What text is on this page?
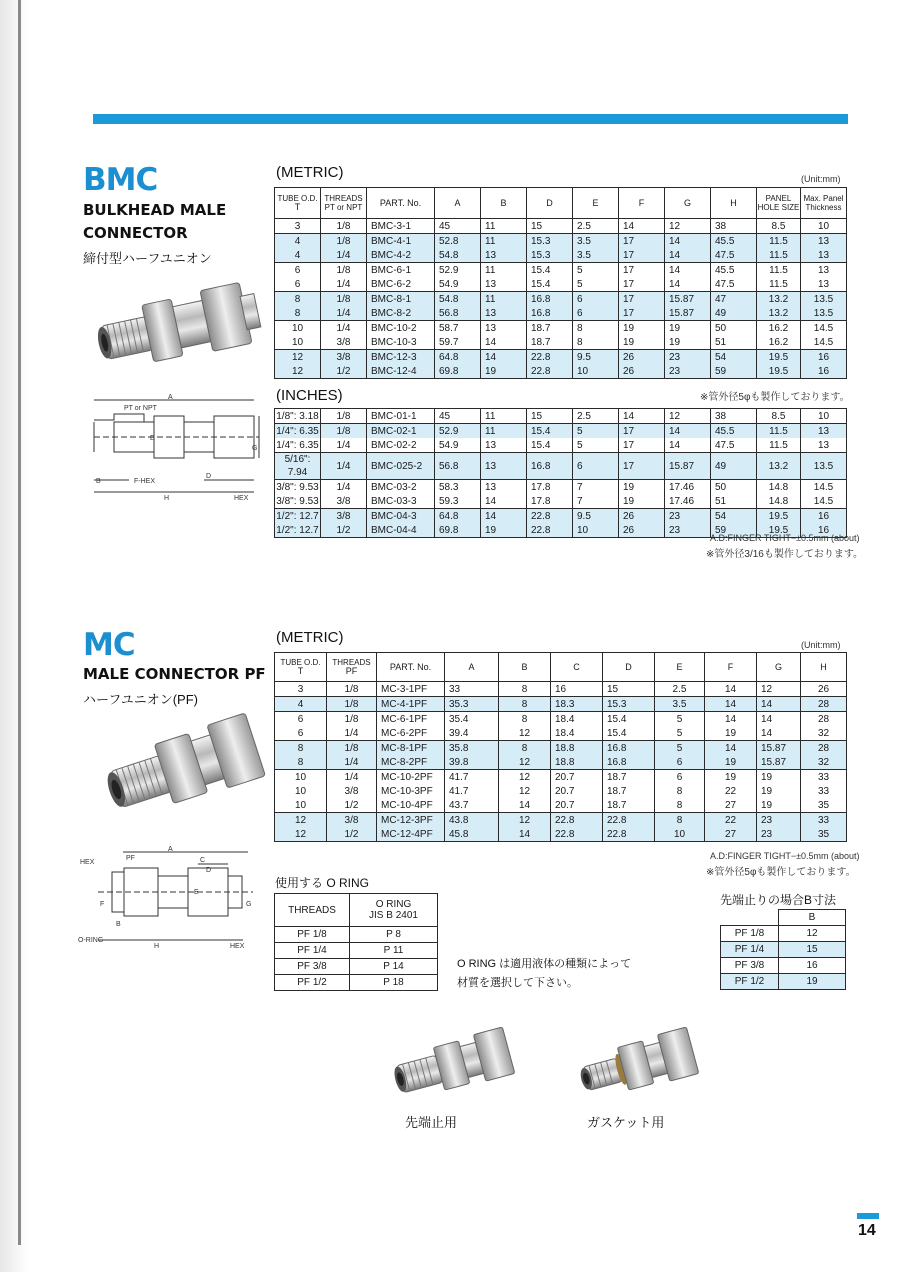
BMC
BULKHEAD MALE
CONNECTOR
締付型ハーフユニオン
A
PT or NPT
G
E
B	F-HEX
D
H	HEX
(METRIC)	(Unit:mm)
TUBE O.D.
T	THREADS
PT or NPT	PART. No.	A	B	D	E	F	G	H	PANEL HOLE SIZE	Max. Panel Thickness
3	1/8	BMC-3-1	45	11	15	2.5	14	12	38	8.5	10
4	1/8	BMC-4-1	52.8	11	15.3	3.5	17	14	45.5	11.5	13
4	1/4	BMC-4-2	54.8	13	15.3	3.5	17	14	47.5	11.5	13
6	1/8	BMC-6-1	52.9	11	15.4	5	17	14	45.5	11.5	13
6	1/4	BMC-6-2	54.9	13	15.4	5	17	14	47.5	11.5	13
8	1/8	BMC-8-1	54.8	11	16.8	6	17	15.87	47	13.2	13.5
8	1/4	BMC-8-2	56.8	13	16.8	6	17	15.87	49	13.2	13.5
10	1/4	BMC-10-2	58.7	13	18.7	8	19	19	50	16.2	14.5
10	3/8	BMC-10-3	59.7	14	18.7	8	19	19	51	16.2	14.5
12	3/8	BMC-12-3	64.8	14	22.8	9.5	26	23	54	19.5	16
12	1/2	BMC-12-4	69.8	19	22.8	10	26	23	59	19.5	16
※管外径5φも製作しております。
(INCHES)
1/8": 3.18	1/8	BMC-01-1	45	11	15	2.5	14	12	38	8.5	10
1/4": 6.35	1/8	BMC-02-1	52.9	11	15.4	5	17	14	45.5	11.5	13
1/4": 6.35	1/4	BMC-02-2	54.9	13	15.4	5	17	14	47.5	11.5	13
5/16": 7.94	1/4	BMC-025-2	56.8	13	16.8	6	17	15.87	49	13.2	13.5
3/8": 9.53	1/4	BMC-03-2	58.3	13	17.8	7	19	17.46	50	14.8	14.5
3/8": 9.53	3/8	BMC-03-3	59.3	14	17.8	7	19	17.46	51	14.8	14.5
1/2": 12.7	3/8	BMC-04-3	64.8	14	22.8	9.5	26	23	54	19.5	16
1/2": 12.7	1/2	BMC-04-4	69.8	19	22.8	10	26	23	59	19.5	16
A.D:FINGER TIGHT−±0.5mm (about)
※管外径3/16も製作しております。
MC
MALE CONNECTOR PF
ハーフユニオン(PF)
HEX
PF
A
C
D
G
F
E
B
O-RING
H	HEX
(METRIC)	(Unit:mm)
TUBE O.D.
T	THREADS
PF	PART. No.	A	B	C	D	E	F	G	H
3	1/8	MC-3-1PF	33	8	16	15	2.5	14	12	26
4	1/8	MC-4-1PF	35.3	8	18.3	15.3	3.5	14	14	28
6	1/8	MC-6-1PF	35.4	8	18.4	15.4	5	14	14	28
6	1/4	MC-6-2PF	39.4	12	18.4	15.4	5	19	14	32
8	1/8	MC-8-1PF	35.8	8	18.8	16.8	5	14	15.87	28
8	1/4	MC-8-2PF	39.8	12	18.8	16.8	6	19	15.87	32
10	1/4	MC-10-2PF	41.7	12	20.7	18.7	6	19	19	33
10	3/8	MC-10-3PF	41.7	12	20.7	18.7	8	22	19	33
10	1/2	MC-10-4PF	43.7	14	20.7	18.7	8	27	19	35
12	3/8	MC-12-3PF	43.8	12	22.8	22.8	8	22	23	33
12	1/2	MC-12-4PF	45.8	14	22.8	22.8	10	27	23	35
A.D:FINGER TIGHT−±0.5mm (about)
※管外径5φも製作しております。
使用する O RING
THREADS	O RING
JIS B 2401
PF 1/8	P 8
PF 1/4	P 11
PF 3/8	P 14
PF 1/2	P 18
O RING は適用液体の種類によって
材質を選択して下さい。
先端止りの場合B寸法
	B
PF 1/8	12
PF 1/4	15
PF 3/8	16
PF 1/2	19
先端止用	ガスケット用
14
